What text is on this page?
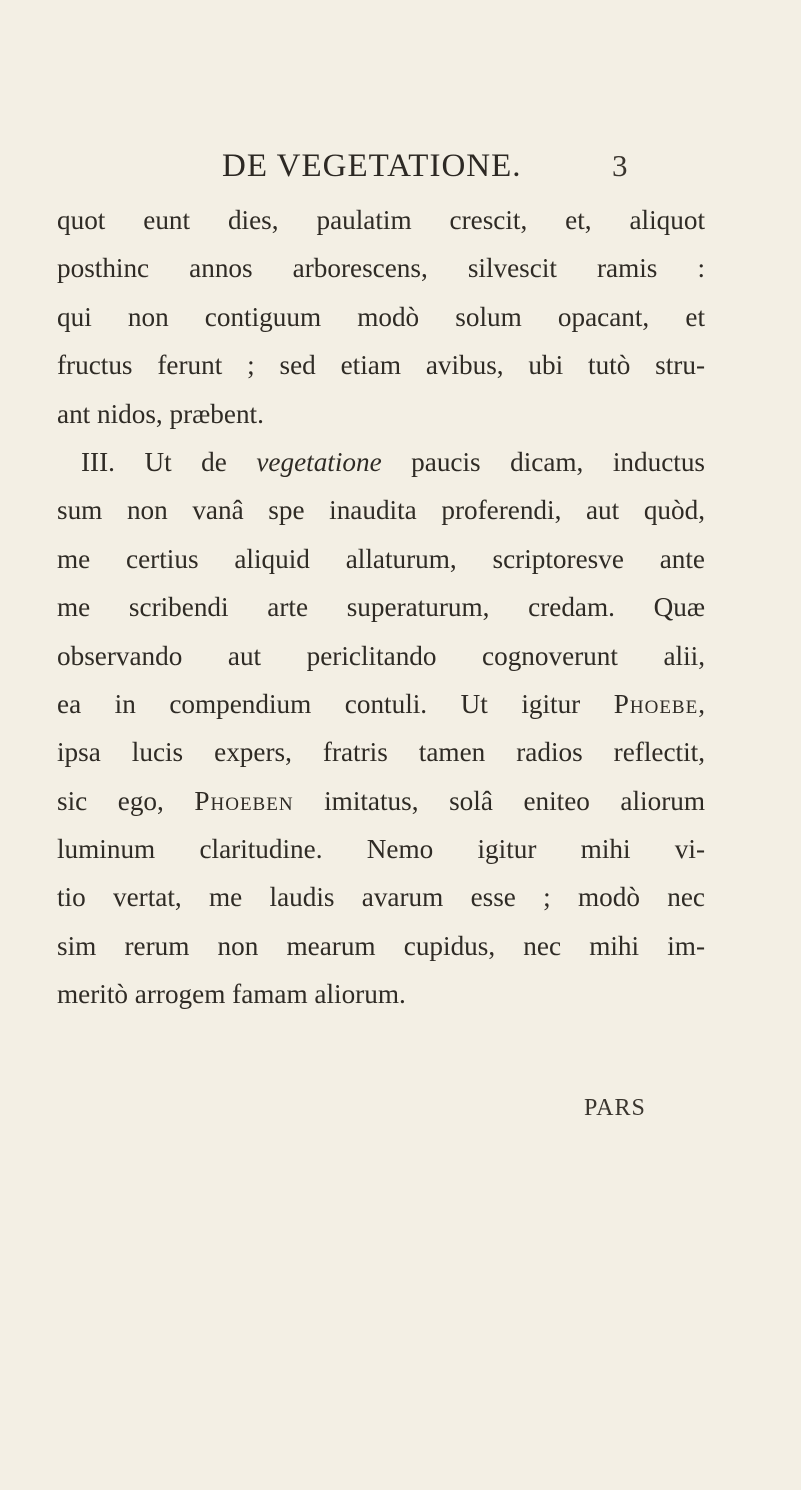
DE VEGETATIONE.	3
quot eunt dies, paulatim crescit, et, aliquot
posthinc annos arborescens, silvescit ramis :
qui non contiguum modò solum opacant, et
fructus ferunt ; sed etiam avibus, ubi tutò stru-
ant nidos, præbent.
III. Ut de vegetatione paucis dicam, inductus
sum non vanâ spe inaudita proferendi, aut quòd,
me certius aliquid allaturum, scriptoresve ante
me scribendi arte superaturum, credam. Quæ
observando aut periclitando cognoverunt alii,
ea in compendium contuli. Ut igitur Phoebe,
ipsa lucis expers, fratris tamen radios reflectit,
sic ego, Phoeben imitatus, solâ eniteo aliorum
luminum claritudine. Nemo igitur mihi vi-
tio vertat, me laudis avarum esse ; modò nec
sim rerum non mearum cupidus, nec mihi im-
meritò arrogem famam aliorum.
PARS
